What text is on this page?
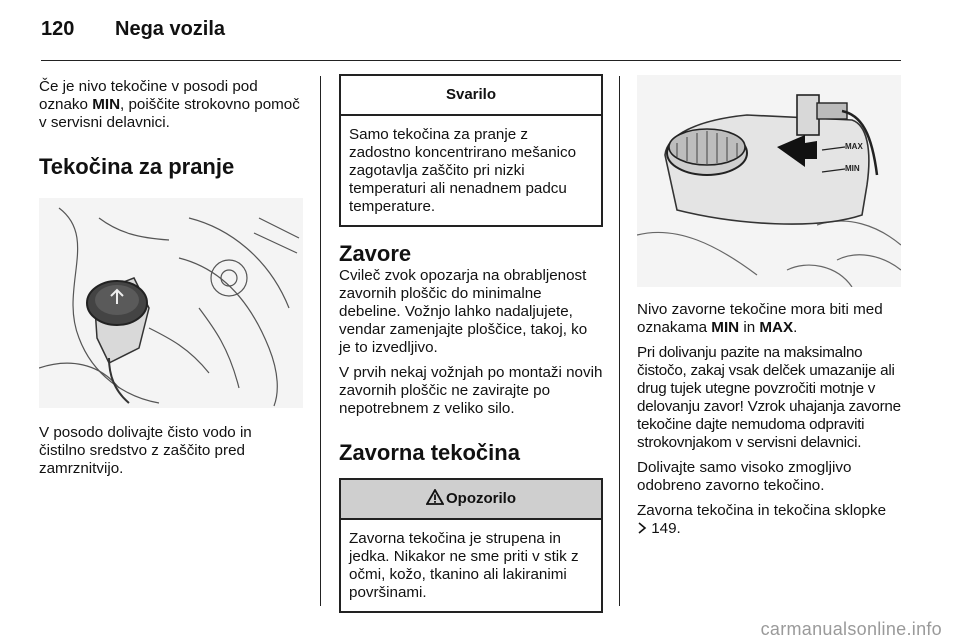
120 Nega vozila

Če je nivo tekočine v posodi pod oznako MIN, poiščite strokovno pomoč v servisni delavnici.

Tekočina za pranje

V posodo dolivajte čisto vodo in čistilno sredstvo z zaščito pred zamrznitvijo.

Svarilo
Samo tekočina za pranje z zadostno koncentrirano mešanico zagotavlja zaščito pri nizki temperaturi ali nenadnem padcu temperature.
Zavore

Cvileč zvok opozarja na obrabljenost zavornih ploščic do minimalne debeline. Vožnjo lahko nadaljujete, vendar zamenjajte ploščice, takoj, ko je to izvedljivo.

V prvih nekaj vožnjah po montaži novih zavornih ploščic ne zavirajte po nepotrebnem z veliko silo.

Zavorna tekočina
Opozorilo
Zavorna tekočina je strupena in jedka. Nikakor ne sme priti v stik z očmi, kožo, tkanino ali lakiranimi površinami.
MAX
MIN

Nivo zavorne tekočine mora biti med oznakama MIN in MAX.

Pri dolivanju pazite na maksimalno čistočo, zakaj vsak delček umazanije ali drug tujek utegne povzročiti motnje v delovanju zavor! Vzrok uhajanja zavorne tekočine dajte nemudoma odpraviti strokovnjakom v servisni delavnici.

Dolivajte samo visoko zmogljivo odobreno zavorno tekočino.

Zavorna tekočina in tekočina sklopke

149.

carmanualsonline.info
